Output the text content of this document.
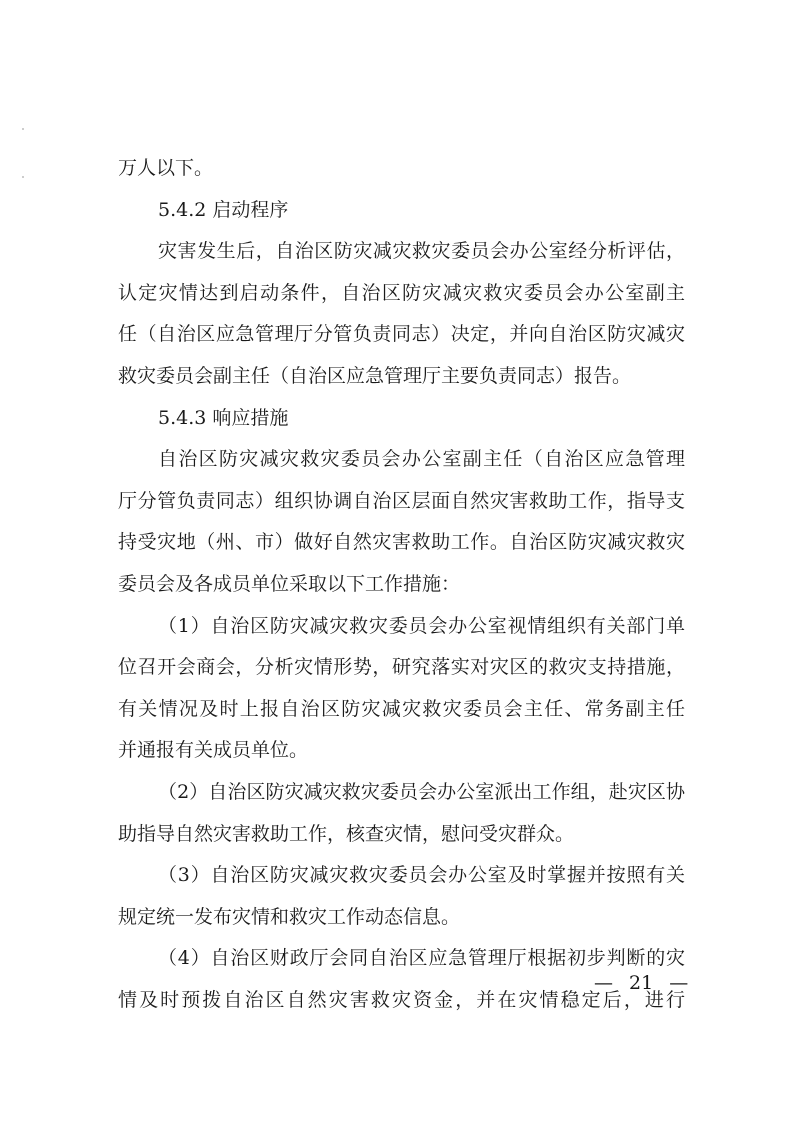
万人以下。
5.4.2 启动程序
灾害发生后，自治区防灾减灾救灾委员会办公室经分析评估，
认定灾情达到启动条件，自治区防灾减灾救灾委员会办公室副主
任（自治区应急管理厅分管负责同志）决定，并向自治区防灾减灾
救灾委员会副主任（自治区应急管理厅主要负责同志）报告。
5.4.3 响应措施
自治区防灾减灾救灾委员会办公室副主任（自治区应急管理
厅分管负责同志）组织协调自治区层面自然灾害救助工作，指导支
持受灾地（州、市）做好自然灾害救助工作。自治区防灾减灾救灾
委员会及各成员单位采取以下工作措施：
（1）自治区防灾减灾救灾委员会办公室视情组织有关部门单
位召开会商会，分析灾情形势，研究落实对灾区的救灾支持措施，
有关情况及时上报自治区防灾减灾救灾委员会主任、常务副主任
并通报有关成员单位。
（2）自治区防灾减灾救灾委员会办公室派出工作组，赴灾区协
助指导自然灾害救助工作，核查灾情，慰问受灾群众。
（3）自治区防灾减灾救灾委员会办公室及时掌握并按照有关
规定统一发布灾情和救灾工作动态信息。
（4）自治区财政厅会同自治区应急管理厅根据初步判断的灾
情及时预拨自治区自然灾害救灾资金，并在灾情稳定后，进行
— 21 —
